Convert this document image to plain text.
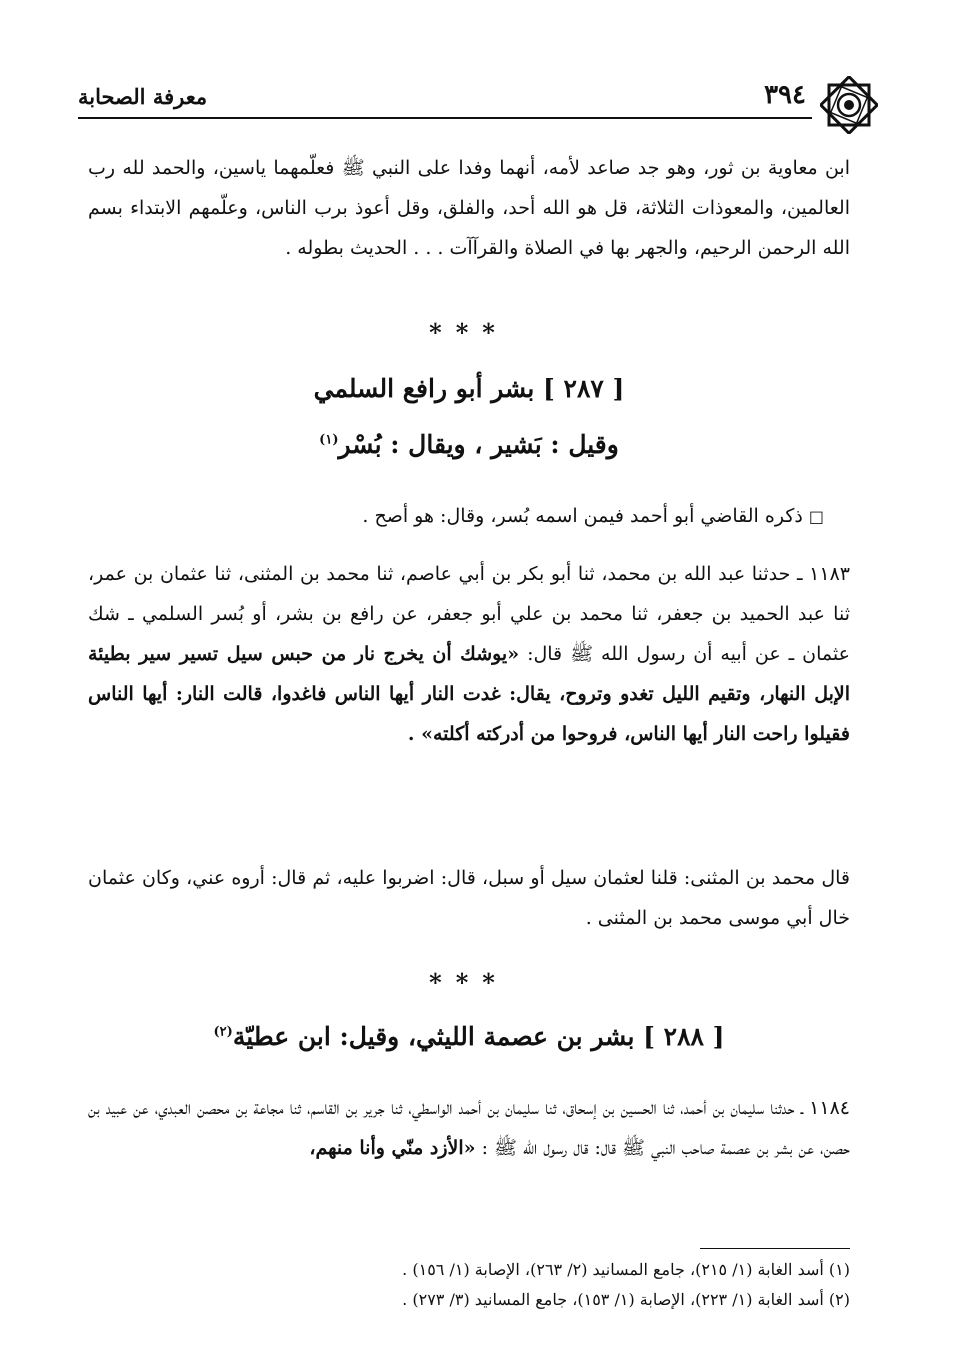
٣٩٤
معرفة الصحابة

ابن معاوية بن ثور، وهو جد صاعد لأمه، أنهما وفدا على النبي ﷺ فعلّمهما ياسين، والحمد لله رب العالمين، والمعوذات الثلاثة، قل هو الله أحد، والفلق، وقل أعوذ برب الناس، وعلّمهم الابتداء بسم الله الرحمن الرحيم، والجهر بها في الصلاة والقرآآت . . . الحديث بطوله .

***
[ ٢٨٧ ] بشر أبو رافع السلمي
وقيل : بَشير ، ويقال : بُسْر$^{(١)}$

□ ذكره القاضي أبو أحمد فيمن اسمه بُسر، وقال: هو أصح .

١١٨٣ ـ حدثنا عبد الله بن محمد، ثنا أبو بكر بن أبي عاصم، ثنا محمد بن المثنى، ثنا عثمان بن عمر، ثنا عبد الحميد بن جعفر، ثنا محمد بن علي أبو جعفر، عن رافع بن بشر، أو بُسر السلمي ـ شك عثمان ـ عن أبيه أن رسول الله ﷺ قال: «يوشك أن يخرج نار من حبس سيل تسير سير بطيئة الإبل النهار، وتقيم الليل تغدو وتروح، يقال: غدت النار أيها الناس فاغدوا، قالت النار: أيها الناس فقيلوا راحت النار أيها الناس، فروحوا من أدركته أكلته» .

قال محمد بن المثنى: قلنا لعثمان سيل أو سبل، قال: اضربوا عليه، ثم قال: أروه عني، وكان عثمان خال أبي موسى محمد بن المثنى .

***
[ ٢٨٨ ] بشر بن عصمة الليثي، وقيل: ابن عطيّة$^{(٢)}$

١١٨٤ ـ حدثنا سليمان بن أحمد، ثنا الحسين بن إسحاق، ثنا سليمان بن أحمد الواسطي، ثنا جرير بن القاسم، ثنا مجاعة بن محصن العبدي، عن عبيد بن حصن، عن بشر بن عصمة صاحب النبي ﷺ قال: قال رسول الله ﷺ : «الأزد منّي وأنا منهم،

(١) أسد الغابة (١/ ٢١٥)، جامع المسانيد (٢/ ٢٦٣)، الإصابة (١/ ١٥٦) .
(٢) أسد الغابة (١/ ٢٢٣)، الإصابة (١/ ١٥٣)، جامع المسانيد (٣/ ٢٧٣) .
